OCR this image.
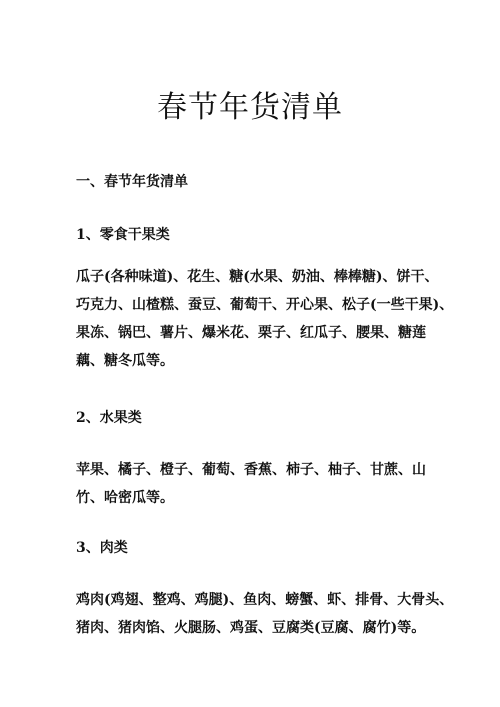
春节年货清单
一、春节年货清单
1、零食干果类
瓜子(各种味道)、花生、糖(水果、奶油、棒棒糖)、饼干、
巧克力、山楂糕、蚕豆、葡萄干、开心果、松子(一些干果)、
果冻、锅巴、薯片、爆米花、栗子、红瓜子、腰果、糖莲
藕、糖冬瓜等。
2、水果类
苹果、橘子、橙子、葡萄、香蕉、柿子、柚子、甘蔗、山
竹、哈密瓜等。
3、肉类
鸡肉(鸡翅、整鸡、鸡腿)、鱼肉、螃蟹、虾、排骨、大骨头、
猪肉、猪肉馅、火腿肠、鸡蛋、豆腐类(豆腐、腐竹)等。
